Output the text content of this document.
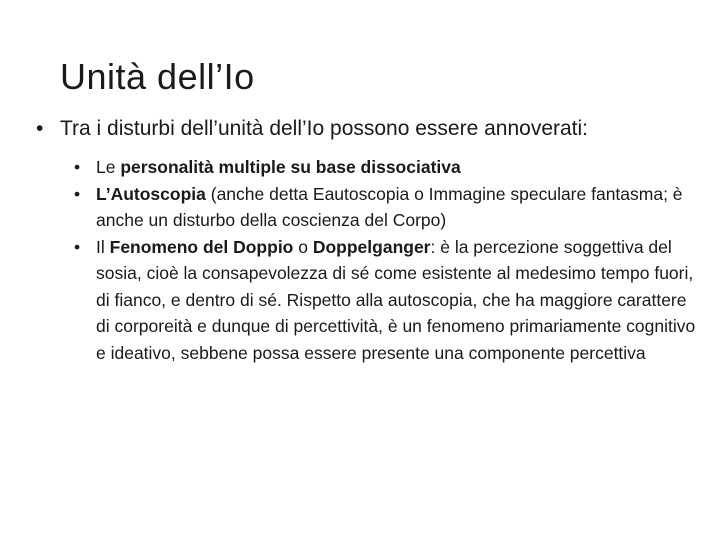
Unità dell’Io
• Tra i disturbi dell’unità dell’Io possono essere annoverati:
• Le personalità multiple su base dissociativa
• L’Autoscopia (anche detta Eautoscopia o Immagine speculare fantasma; è anche un disturbo della coscienza del Corpo)
• Il Fenomeno del Doppio o Doppelganger: è la percezione soggettiva del sosia, cioè la consapevolezza di sé come esistente al medesimo tempo fuori, di fianco, e dentro di sé. Rispetto alla autoscopia, che ha maggiore carattere di corporeità e dunque di percettività, è un fenomeno primariamente cognitivo e ideativo, sebbene possa essere presente una componente percettiva
